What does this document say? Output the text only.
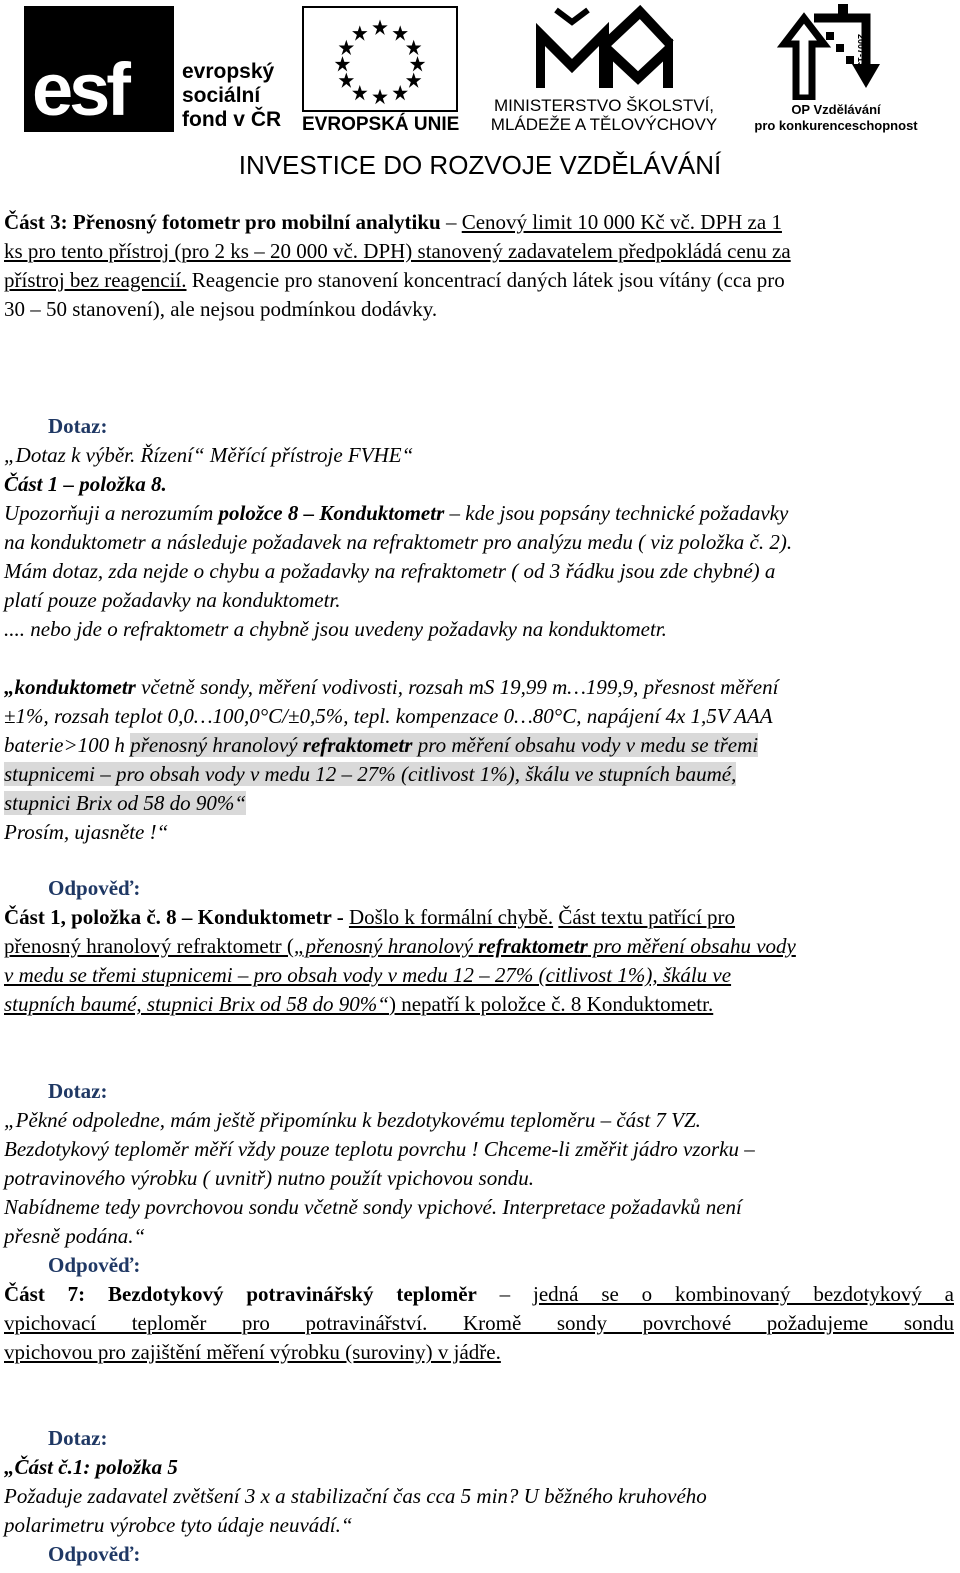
esf	evropský
sociální
fond v ČR EVROPSKÁ UNIE
MINISTERSTVO ŠKOLSTVÍ,
MLÁDEŽE A TĚLOVÝCHOVY
2007-13
OP Vzdělávání
pro konkurenceschopnost
INVESTICE DO ROZVOJE VZDĚLÁVÁNÍ
Část 3: Přenosný fotometr pro mobilní analytiku – Cenový limit 10 000 Kč vč. DPH za 1
ks pro tento přístroj (pro 2 ks – 20 000 vč. DPH) stanovený zadavatelem předpokládá cenu za
přístroj bez reagencií. Reagencie pro stanovení koncentrací daných látek jsou vítány (cca pro
30 – 50 stanovení), ale nejsou podmínkou dodávky.
Dotaz:
„Dotaz k výběr. Řízení“ Měřící přístroje FVHE“
Část 1 – položka 8.
Upozorňuji a nerozumím položce 8 – Konduktometr – kde jsou popsány technické požadavky
na konduktometr a následuje požadavek na refraktometr pro analýzu medu ( viz položka č. 2).
Mám dotaz, zda nejde o chybu a požadavky na refraktometr ( od 3 řádku jsou zde chybné) a
platí pouze požadavky na konduktometr.
.... nebo jde o refraktometr a chybně jsou uvedeny požadavky na konduktometr.
„konduktometr včetně sondy, měření vodivosti, rozsah mS 19,99 m…199,9, přesnost měření
±1%, rozsah teplot 0,0…100,0°C/±0,5%, tepl. kompenzace 0…80°C, napájení 4x 1,5V AAA
baterie>100 h přenosný hranolový refraktometr pro měření obsahu vody v medu se třemi
stupnicemi – pro obsah vody v medu 12 – 27% (citlivost 1%), škálu ve stupních baumé,
stupnici Brix od 58 do 90%“
Prosím, ujasněte !“
Odpověď:
Část 1, položka č. 8 – Konduktometr - Došlo k formální chybě. Část textu patřící pro
přenosný hranolový refraktometr („přenosný hranolový refraktometr pro měření obsahu vody
v medu se třemi stupnicemi – pro obsah vody v medu 12 – 27% (citlivost 1%), škálu ve
stupních baumé, stupnici Brix od 58 do 90%“) nepatří k položce č. 8 Konduktometr.
Dotaz:
„Pěkné odpoledne, mám ještě připomínku k bezdotykovému teploměru – část 7 VZ.
Bezdotykový teploměr měří vždy pouze teplotu povrchu ! Chceme-li změřit jádro vzorku –
potravinového výrobku ( uvnitř) nutno použít vpichovou sondu.
Nabídneme tedy povrchovou sondu včetně sondy vpichové. Interpretace požadavků není
přesně podána.“
Odpověď:
Část 7: Bezdotykový potravinářský teploměr – jedná se o kombinovaný bezdotykový a
vpichovací teploměr pro potravinářství. Kromě sondy povrchové požadujeme sondu
vpichovou pro zajištění měření výrobku (suroviny) v jádře.
Dotaz:
„Část č.1: položka 5
Požaduje zadavatel zvětšení 3 x a stabilizační čas cca 5 min? U běžného kruhového
polarimetru výrobce tyto údaje neuvádí.“
Odpověď:
